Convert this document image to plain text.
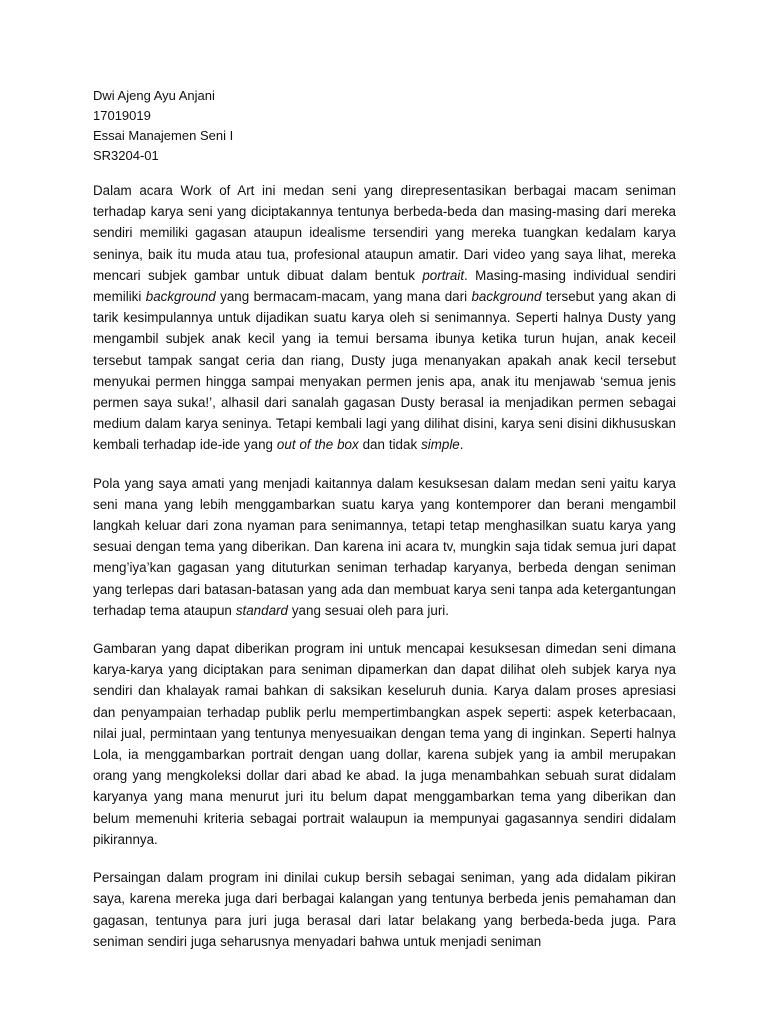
Dwi Ajeng Ayu Anjani

17019019

Essai Manajemen Seni I

SR3204-01

Dalam acara Work of Art ini medan seni yang direpresentasikan berbagai macam seniman terhadap karya seni yang diciptakannya tentunya berbeda-beda dan masing-masing dari mereka sendiri memiliki gagasan ataupun idealisme tersendiri yang mereka tuangkan kedalam karya seninya, baik itu muda atau tua, profesional ataupun amatir. Dari video yang saya lihat, mereka mencari subjek gambar untuk dibuat dalam bentuk portrait. Masing-masing individual sendiri memiliki background yang bermacam-macam, yang mana dari background tersebut yang akan di tarik kesimpulannya untuk dijadikan suatu karya oleh si senimannya. Seperti halnya Dusty yang mengambil subjek anak kecil yang ia temui bersama ibunya ketika turun hujan, anak keceil tersebut tampak sangat ceria dan riang, Dusty juga menanyakan apakah anak kecil tersebut menyukai permen hingga sampai menyakan permen jenis apa, anak itu menjawab ‘semua jenis permen saya suka!’, alhasil dari sanalah gagasan Dusty berasal ia menjadikan permen sebagai medium dalam karya seninya. Tetapi kembali lagi yang dilihat disini, karya seni disini dikhususkan kembali terhadap ide-ide yang out of the box dan tidak simple.

Pola yang saya amati yang menjadi kaitannya dalam kesuksesan dalam medan seni yaitu karya seni mana yang lebih menggambarkan suatu karya yang kontemporer dan berani mengambil langkah keluar dari zona nyaman para senimannya, tetapi tetap menghasilkan suatu karya yang sesuai dengan tema yang diberikan. Dan karena ini acara tv, mungkin saja tidak semua juri dapat meng’iya’kan gagasan yang dituturkan seniman terhadap karyanya, berbeda dengan seniman yang terlepas dari batasan-batasan yang ada dan membuat karya seni tanpa ada ketergantungan terhadap tema ataupun standard yang sesuai oleh para juri.

Gambaran yang dapat diberikan program ini untuk mencapai kesuksesan dimedan seni dimana karya-karya yang diciptakan para seniman dipamerkan dan dapat dilihat oleh subjek karya nya sendiri dan khalayak ramai bahkan di saksikan keseluruh dunia. Karya dalam proses apresiasi dan penyampaian terhadap publik perlu mempertimbangkan aspek seperti: aspek keterbacaan, nilai jual, permintaan yang tentunya menyesuaikan dengan tema yang di inginkan. Seperti halnya Lola, ia menggambarkan portrait dengan uang dollar, karena subjek yang ia ambil merupakan orang yang mengkoleksi dollar dari abad ke abad. Ia juga menambahkan sebuah surat didalam karyanya yang mana menurut juri itu belum dapat menggambarkan tema yang diberikan dan belum memenuhi kriteria sebagai portrait walaupun ia mempunyai gagasannya sendiri didalam pikirannya.

Persaingan dalam program ini dinilai cukup bersih sebagai seniman, yang ada didalam pikiran saya, karena mereka juga dari berbagai kalangan yang tentunya berbeda jenis pemahaman dan gagasan, tentunya para juri juga berasal dari latar belakang yang berbeda-beda juga. Para seniman sendiri juga seharusnya menyadari bahwa untuk menjadi seniman
